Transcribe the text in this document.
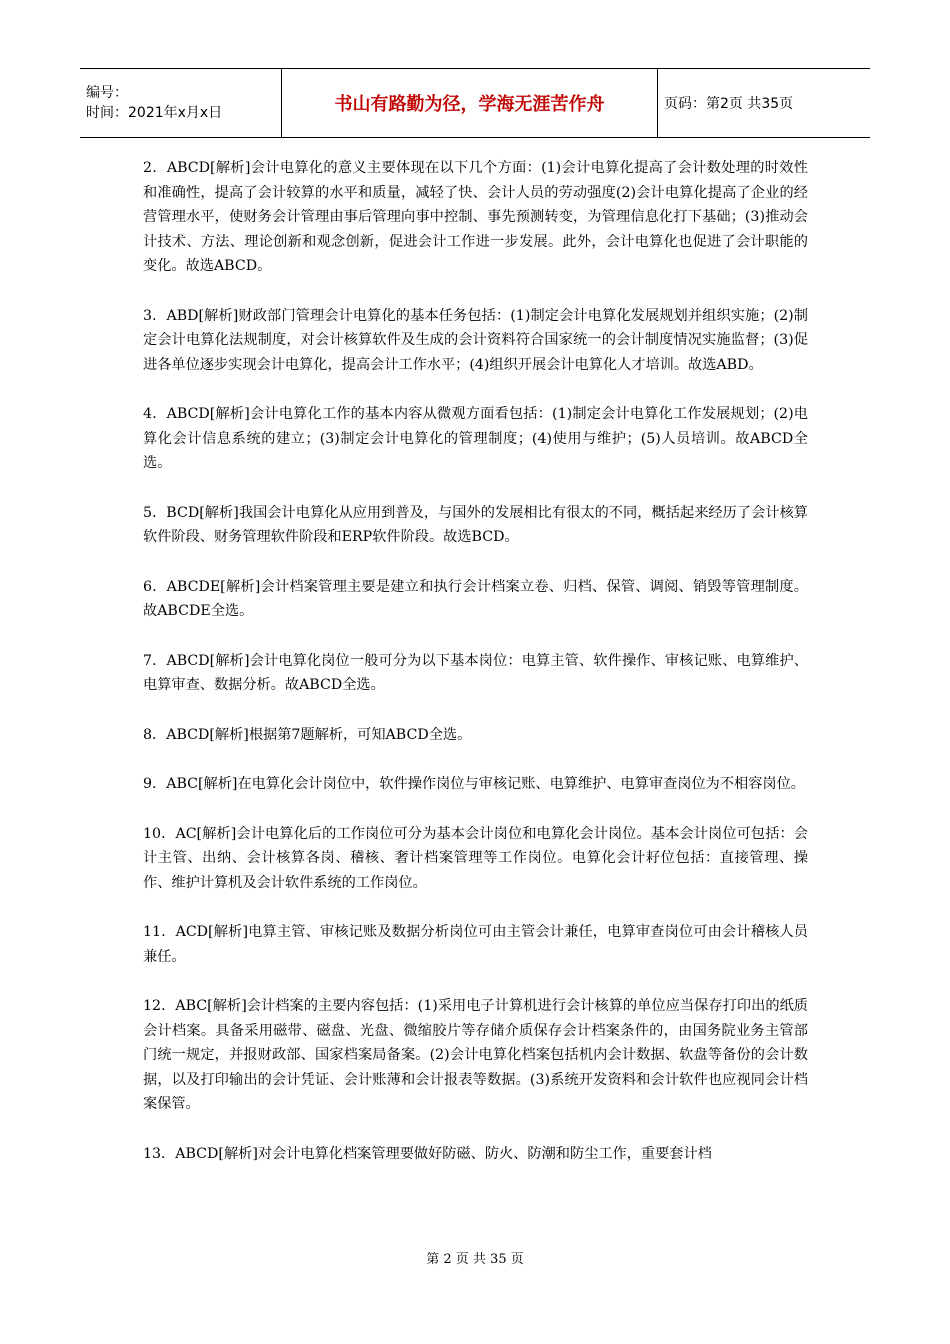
编号：
时间：2021年x月x日	书山有路勤为径，学海无涯苦作舟	页码：第2页 共35页

2．ABCD[解析]会计电算化的意义主要体现在以下几个方面：(1)会计电算化提高了会计数处理的时效性和准确性，提高了会计较算的水平和质量，减轻了快、会计人员的劳动强度(2)会计电算化提高了企业的经营管理水平，使财务会计管理由事后管理向事中控制、事先预测转变，为管理信息化打下基础；(3)推动会计技术、方法、理论创新和观念创新，促进会计工作进一步发展。此外，会计电算化也促进了会计职能的变化。故选ABCD。

3．ABD[解析]财政部门管理会计电算化的基本任务包括：(1)制定会计电算化发展规划并组织实施；(2)制定会计电算化法规制度，对会计核算软件及生成的会计资料符合国家统一的会计制度情况实施监督；(3)促进各单位逐步实现会计电算化，提高会计工作水平；(4)组织开展会计电算化人才培训。故选ABD。

4．ABCD[解析]会计电算化工作的基本内容从微观方面看包括：(1)制定会计电算化工作发展规划；(2)电算化会计信息系统的建立；(3)制定会计电算化的管理制度；(4)使用与维护；(5)人员培训。故ABCD全选。

5．BCD[解析]我国会计电算化从应用到普及，与国外的发展相比有很太的不同，概括起来经历了会计核算软件阶段、财务管理软件阶段和ERP软件阶段。故选BCD。

6．ABCDE[解析]会计档案管理主要是建立和执行会计档案立卷、归档、保管、调阅、销毁等管理制度。故ABCDE全选。

7．ABCD[解析]会计电算化岗位一般可分为以下基本岗位：电算主管、软件操作、审核记账、电算维护、电算审查、数据分析。故ABCD全选。

8．ABCD[解析]根据第7题解析，可知ABCD全选。

9．ABC[解析]在电算化会计岗位中，软件操作岗位与审核记账、电算维护、电算审查岗位为不相容岗位。

10．AC[解析]会计电算化后的工作岗位可分为基本会计岗位和电算化会计岗位。基本会计岗位可包括：会计主管、出纳、会计核算各岗、稽核、奢计档案管理等工作岗位。电算化会计耔位包括：直接管理、操作、维护计算机及会计软件系统的工作岗位。

11．ACD[解析]电算主管、审核记账及数据分析岗位可由主管会计兼任，电算审查岗位可由会计稽核人员兼任。

12．ABC[解析]会计档案的主要内容包括：(1)采用电子计算机进行会计核算的单位应当保存打印出的纸质会计档案。具备采用磁带、磁盘、光盘、微缩胶片等存储介质保存会计档案条件的，由国务院业务主管部门统一规定，并报财政部、国家档案局备案。(2)会计电算化档案包括机内会计数据、软盘等备份的会计数据，以及打印输出的会计凭证、会计账薄和会计报表等数据。(3)系统开发资料和会计软件也应视同会计档案保管。

13．ABCD[解析]对会计电算化档案管理要做好防磁、防火、防潮和防尘工作，重要套计档

第 2 页 共 35 页
